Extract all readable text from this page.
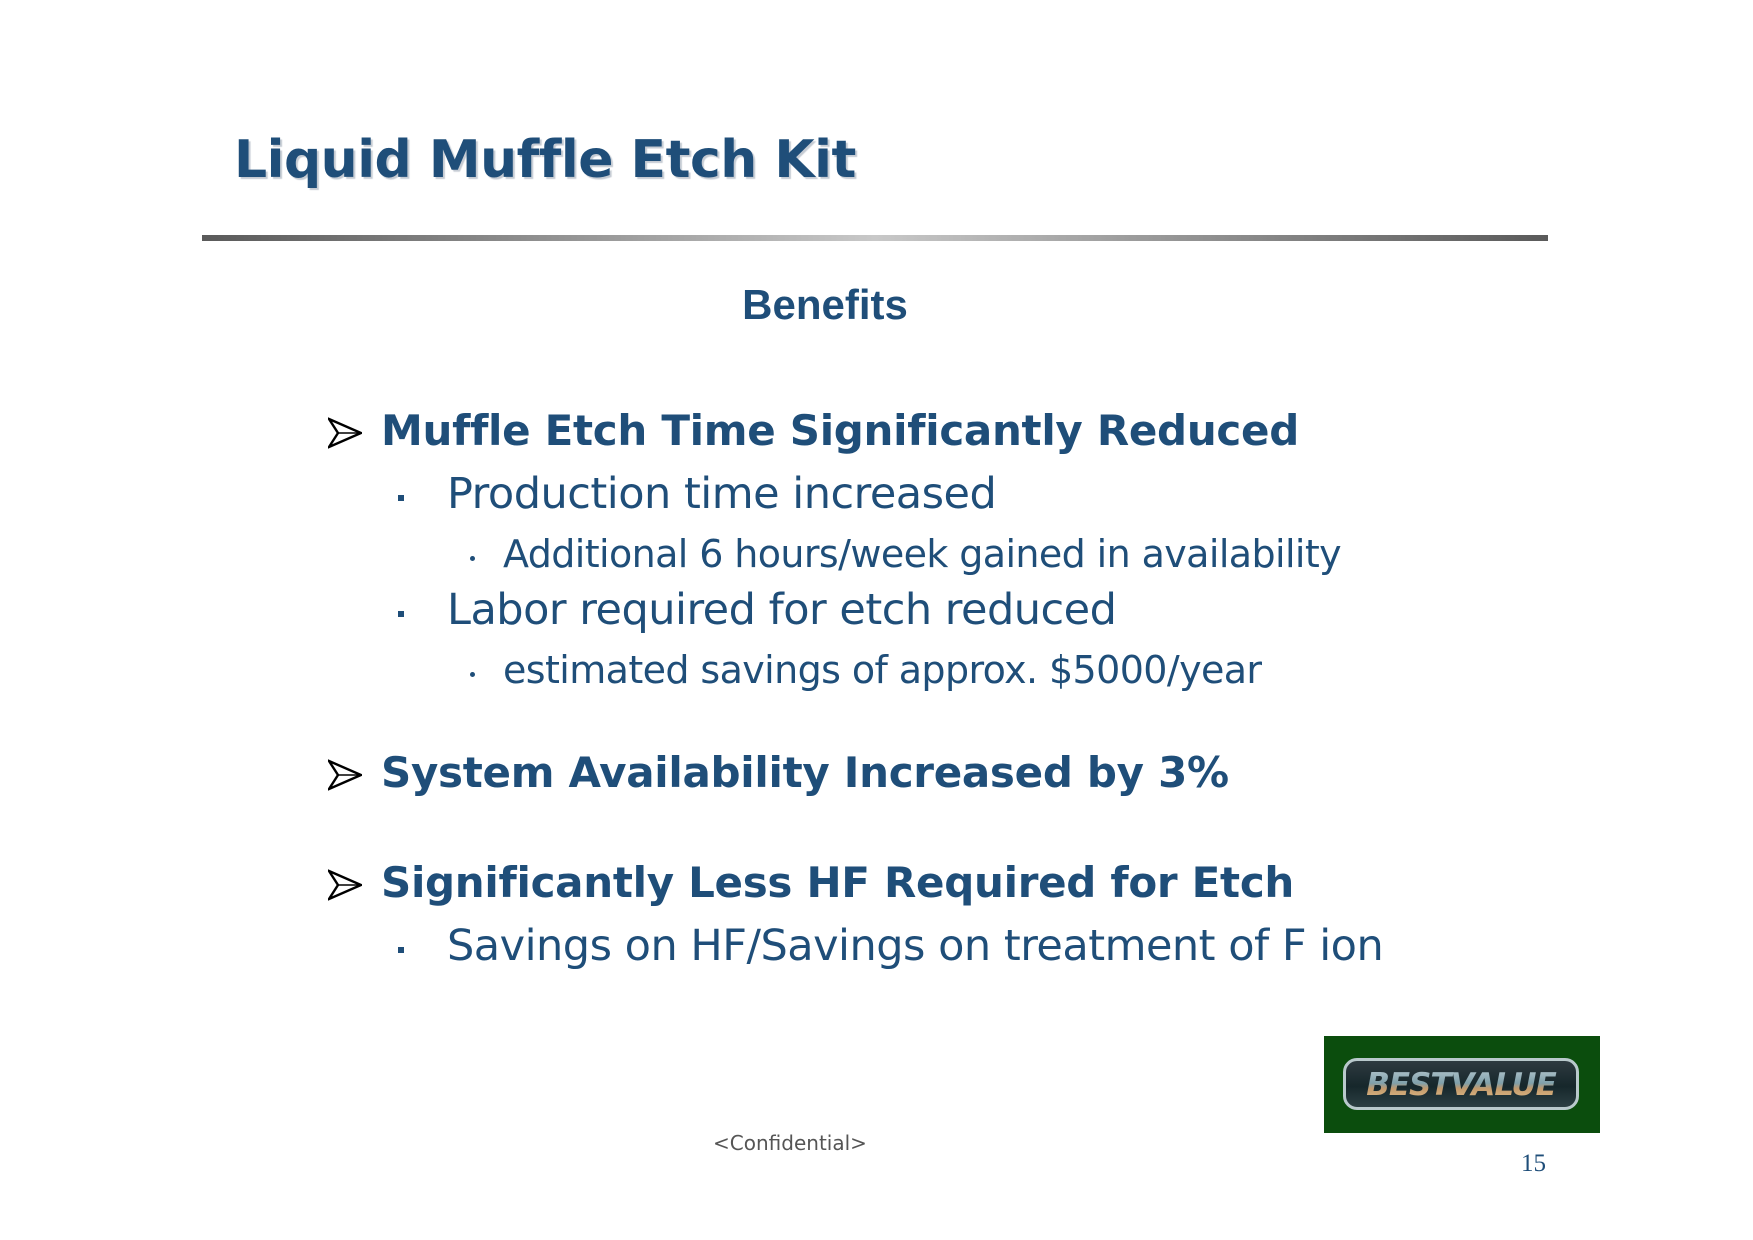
Liquid Muffle Etch Kit
Benefits
Muffle Etch Time Significantly Reduced
Production time increased
Additional 6 hours/week gained in availability
Labor required for etch reduced
estimated savings of approx. $5000/year
System Availability Increased by 3%
Significantly Less HF Required for Etch
Savings on HF/Savings on treatment of F ion
BESTVALUE
<Confidential>
15
